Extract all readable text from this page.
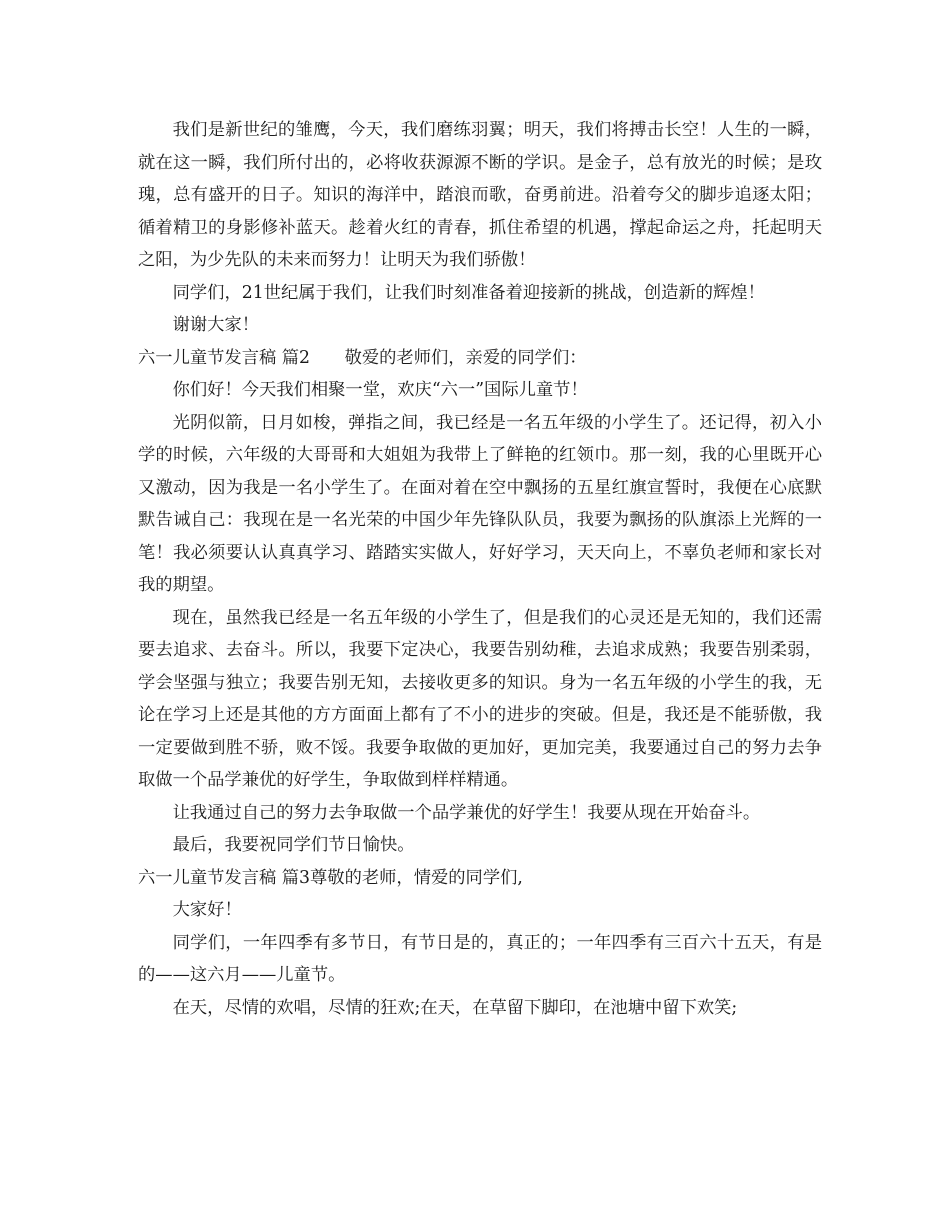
我们是新世纪的雏鹰，今天，我们磨练羽翼；明天，我们将搏击长空！人生的一瞬，就在这一瞬，我们所付出的，必将收获源源不断的学识。是金子，总有放光的时候；是玫瑰，总有盛开的日子。知识的海洋中，踏浪而歌，奋勇前进。沿着夸父的脚步追逐太阳；循着精卫的身影修补蓝天。趁着火红的青春，抓住希望的机遇，撑起命运之舟，托起明天之阳，为少先队的未来而努力！让明天为我们骄傲！

同学们，21世纪属于我们，让我们时刻准备着迎接新的挑战，创造新的辉煌！

谢谢大家！

六一儿童节发言稿 篇2　　敬爱的老师们，亲爱的同学们：

你们好！今天我们相聚一堂，欢庆“六一”国际儿童节！

光阴似箭，日月如梭，弹指之间，我已经是一名五年级的小学生了。还记得，初入小学的时候，六年级的大哥哥和大姐姐为我带上了鲜艳的红领巾。那一刻，我的心里既开心又激动，因为我是一名小学生了。在面对着在空中飘扬的五星红旗宣誓时，我便在心底默默告诫自己：我现在是一名光荣的中国少年先锋队队员，我要为飘扬的队旗添上光辉的一笔！我必须要认认真真学习、踏踏实实做人，好好学习，天天向上，不辜负老师和家长对我的期望。

现在，虽然我已经是一名五年级的小学生了，但是我们的心灵还是无知的，我们还需要去追求、去奋斗。所以，我要下定决心，我要告别幼稚，去追求成熟；我要告别柔弱，学会坚强与独立；我要告别无知，去接收更多的知识。身为一名五年级的小学生的我，无论在学习上还是其他的方方面面上都有了不小的进步的突破。但是，我还是不能骄傲，我一定要做到胜不骄，败不馁。我要争取做的更加好，更加完美，我要通过自己的努力去争取做一个品学兼优的好学生，争取做到样样精通。

让我通过自己的努力去争取做一个品学兼优的好学生！我要从现在开始奋斗。

最后，我要祝同学们节日愉快。

六一儿童节发言稿 篇3尊敬的老师，情爱的同学们,

大家好！

同学们，一年四季有多节日，有节日是的，真正的；一年四季有三百六十五天，有是的——这六月——儿童节。

在天，尽情的欢唱，尽情的狂欢;在天，在草留下脚印，在池塘中留下欢笑;
